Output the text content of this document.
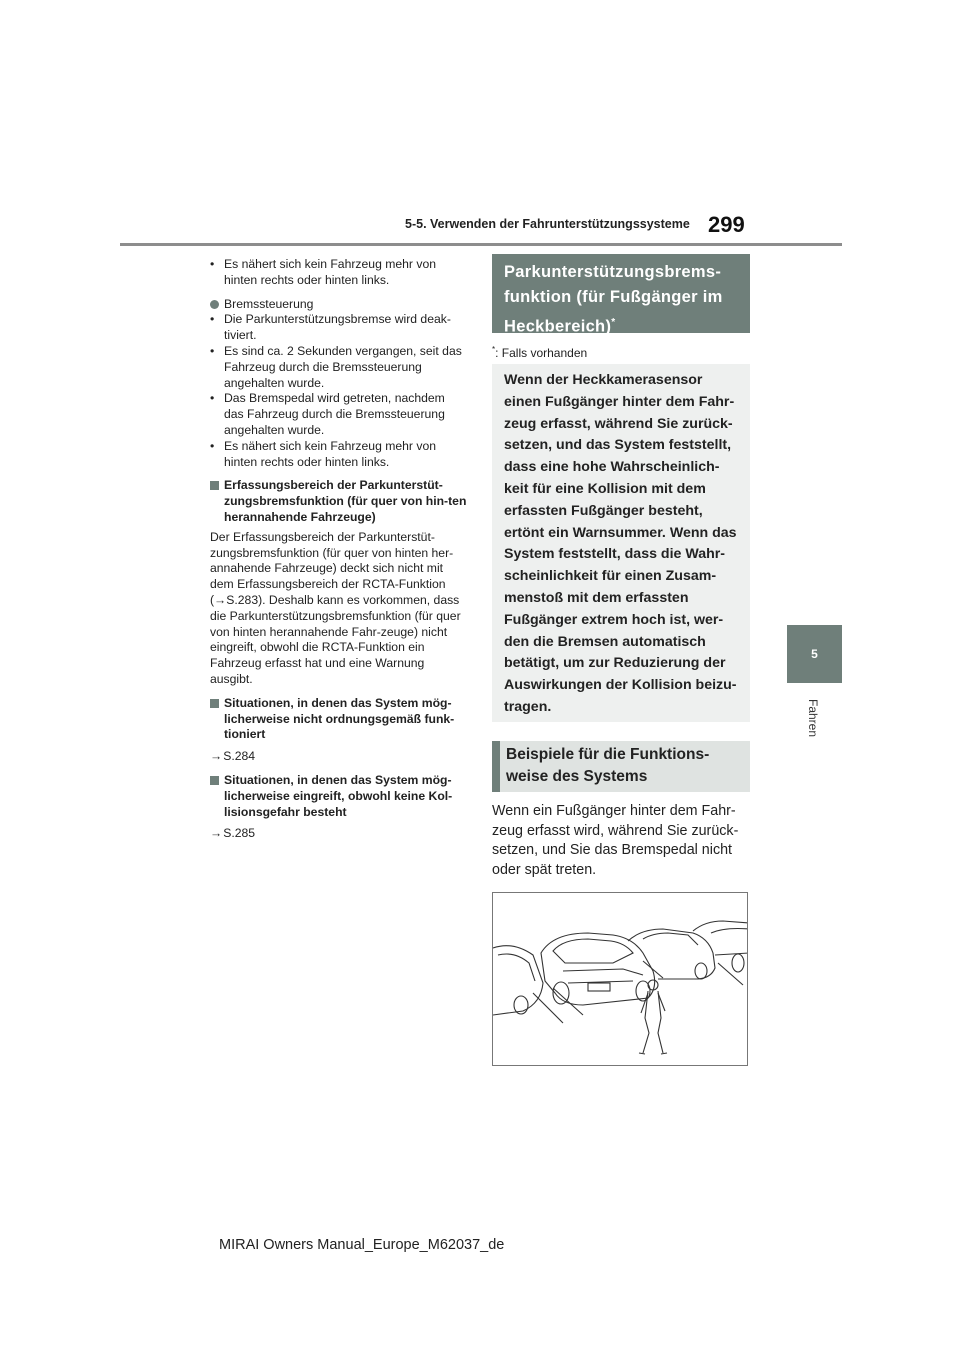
5-5. Verwenden der Fahrunterstützungssysteme 299
5
Fahren
• Es nähert sich kein Fahrzeug mehr von hinten rechts oder hinten links.
Bremssteuerung
• Die Parkunterstützungsbremse wird deak-tiviert.
• Es sind ca. 2 Sekunden vergangen, seit das Fahrzeug durch die Bremssteuerung angehalten wurde.
• Das Bremspedal wird getreten, nachdem das Fahrzeug durch die Bremssteuerung angehalten wurde.
• Es nähert sich kein Fahrzeug mehr von hinten rechts oder hinten links.
Erfassungsbereich der Parkunterstüt-zungsbremsfunktion (für quer von hin-ten herannahende Fahrzeuge)
Der Erfassungsbereich der Parkunterstüt-zungsbremsfunktion (für quer von hinten her-annahende Fahrzeuge) deckt sich nicht mit dem Erfassungsbereich der RCTA-Funktion (→S.283). Deshalb kann es vorkommen, dass die Parkunterstützungsbremsfunktion (für quer von hinten herannahende Fahr-zeuge) nicht eingreift, obwohl die RCTA-Funktion ein Fahrzeug erfasst hat und eine Warnung ausgibt.
Situationen, in denen das System mög-licherweise nicht ordnungsgemäß funk-tioniert
→ S.284
Situationen, in denen das System mög-licherweise eingreift, obwohl keine Kol-lisionsgefahr besteht
→ S.285
Parkunterstützungsbrems-funktion (für Fußgänger im Heckbereich)*
*: Falls vorhanden
Wenn der Heckkamerasensor einen Fußgänger hinter dem Fahr-zeug erfasst, während Sie zurück-setzen, und das System feststellt, dass eine hohe Wahrscheinlich-keit für eine Kollision mit dem erfassten Fußgänger besteht, ertönt ein Warnsummer. Wenn das System feststellt, dass die Wahr-scheinlichkeit für einen Zusam-menstoß mit dem erfassten Fußgänger extrem hoch ist, wer-den die Bremsen automatisch betätigt, um zur Reduzierung der Auswirkungen der Kollision beizu-tragen.
Beispiele für die Funktions-weise des Systems
Wenn ein Fußgänger hinter dem Fahr-zeug erfasst wird, während Sie zurück-setzen, und Sie das Bremspedal nicht oder spät treten.
MIRAI Owners Manual_Europe_M62037_de
